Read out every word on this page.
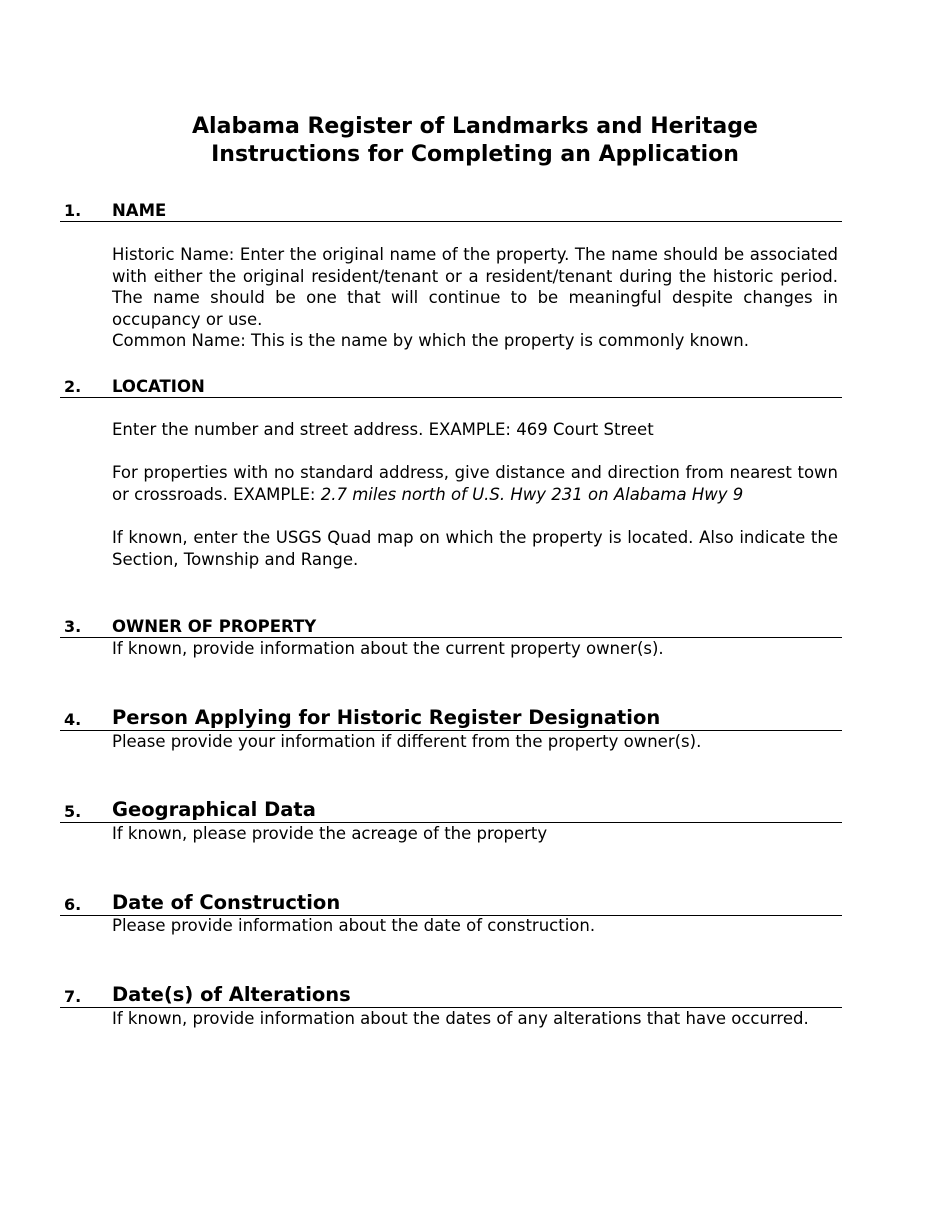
Alabama Register of Landmarks and Heritage
Instructions for Completing an Application
1. NAME

Historic Name: Enter the original name of the property. The name should be associated with either the original resident/tenant or a resident/tenant during the historic period. The name should be one that will continue to be meaningful despite changes in occupancy or use.

Common Name: This is the name by which the property is commonly known.

2. LOCATION

Enter the number and street address. EXAMPLE: 469 Court Street

For properties with no standard address, give distance and direction from nearest town or crossroads. EXAMPLE: 2.7 miles north of U.S. Hwy 231 on Alabama Hwy 9

If known, enter the USGS Quad map on which the property is located. Also indicate the Section, Township and Range.

3. OWNER OF PROPERTY

If known, provide information about the current property owner(s).

4. Person Applying for Historic Register Designation

Please provide your information if different from the property owner(s).

5. Geographical Data

If known, please provide the acreage of the property

6. Date of Construction

Please provide information about the date of construction.

7. Date(s) of Alterations

If known, provide information about the dates of any alterations that have occurred.
